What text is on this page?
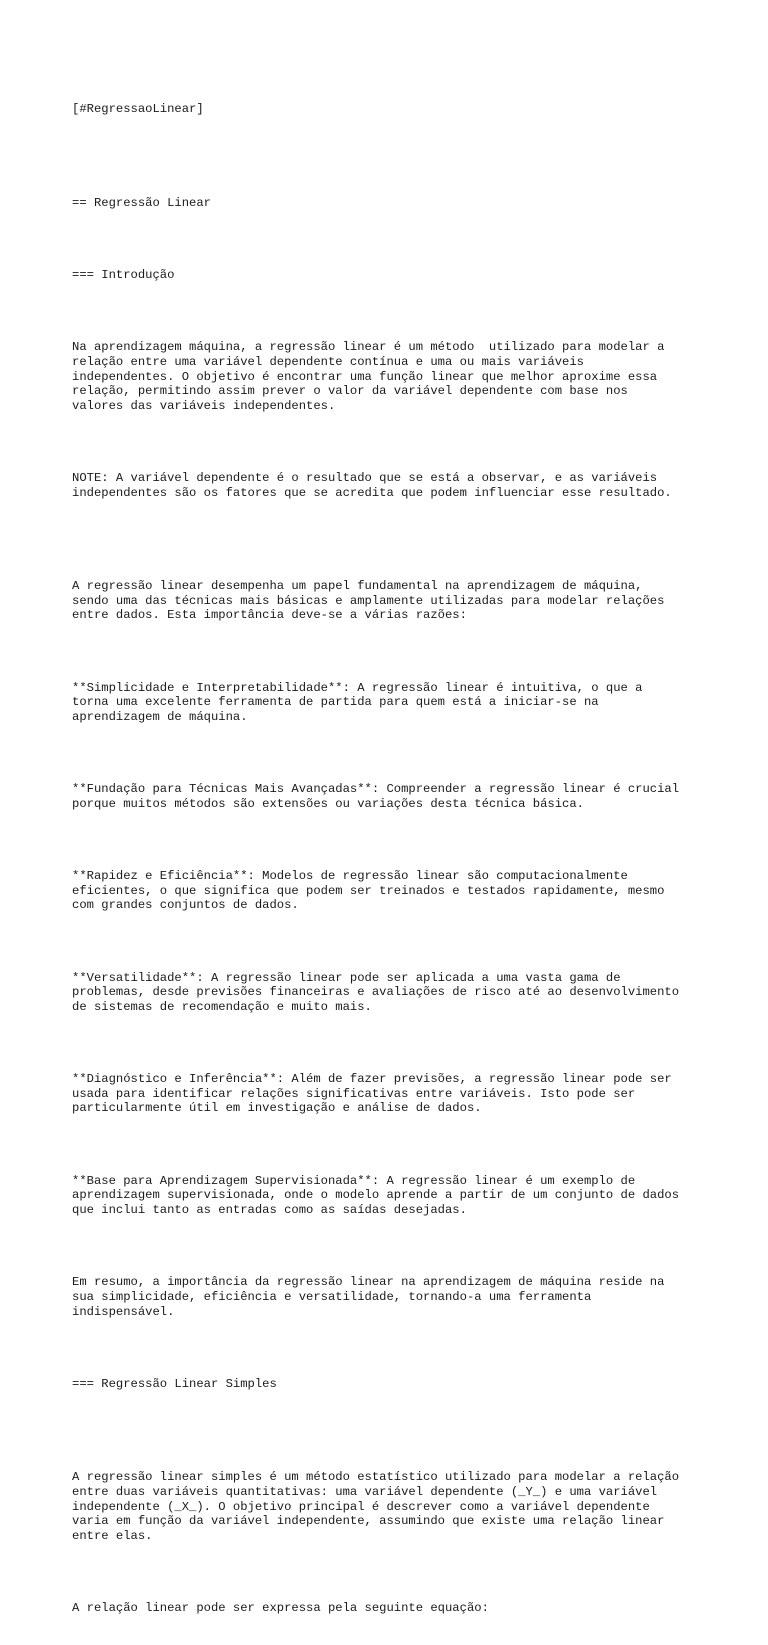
[#RegressaoLinear]

== Regressão Linear

=== Introdução

Na aprendizagem máquina, a regressão linear é um método  utilizado para modelar a
relação entre uma variável dependente contínua e uma ou mais variáveis
independentes. O objetivo é encontrar uma função linear que melhor aproxime essa
relação, permitindo assim prever o valor da variável dependente com base nos
valores das variáveis independentes.

NOTE: A variável dependente é o resultado que se está a observar, e as variáveis
independentes são os fatores que se acredita que podem influenciar esse resultado.

A regressão linear desempenha um papel fundamental na aprendizagem de máquina,
sendo uma das técnicas mais básicas e amplamente utilizadas para modelar relações
entre dados. Esta importância deve-se a várias razões:

**Simplicidade e Interpretabilidade**: A regressão linear é intuitiva, o que a
torna uma excelente ferramenta de partida para quem está a iniciar-se na
aprendizagem de máquina.

**Fundação para Técnicas Mais Avançadas**: Compreender a regressão linear é crucial
porque muitos métodos são extensões ou variações desta técnica básica.

**Rapidez e Eficiência**: Modelos de regressão linear são computacionalmente
eficientes, o que significa que podem ser treinados e testados rapidamente, mesmo
com grandes conjuntos de dados.

**Versatilidade**: A regressão linear pode ser aplicada a uma vasta gama de
problemas, desde previsões financeiras e avaliações de risco até ao desenvolvimento
de sistemas de recomendação e muito mais.

**Diagnóstico e Inferência**: Além de fazer previsões, a regressão linear pode ser
usada para identificar relações significativas entre variáveis. Isto pode ser
particularmente útil em investigação e análise de dados.

**Base para Aprendizagem Supervisionada**: A regressão linear é um exemplo de
aprendizagem supervisionada, onde o modelo aprende a partir de um conjunto de dados
que inclui tanto as entradas como as saídas desejadas.

Em resumo, a importância da regressão linear na aprendizagem de máquina reside na
sua simplicidade, eficiência e versatilidade, tornando-a uma ferramenta
indispensável.

=== Regressão Linear Simples

A regressão linear simples é um método estatístico utilizado para modelar a relação
entre duas variáveis quantitativas: uma variável dependente (_Y_) e uma variável
independente (_X_). O objetivo principal é descrever como a variável dependente
varia em função da variável independente, assumindo que existe uma relação linear
entre elas.

A relação linear pode ser expressa pela seguinte equação:
